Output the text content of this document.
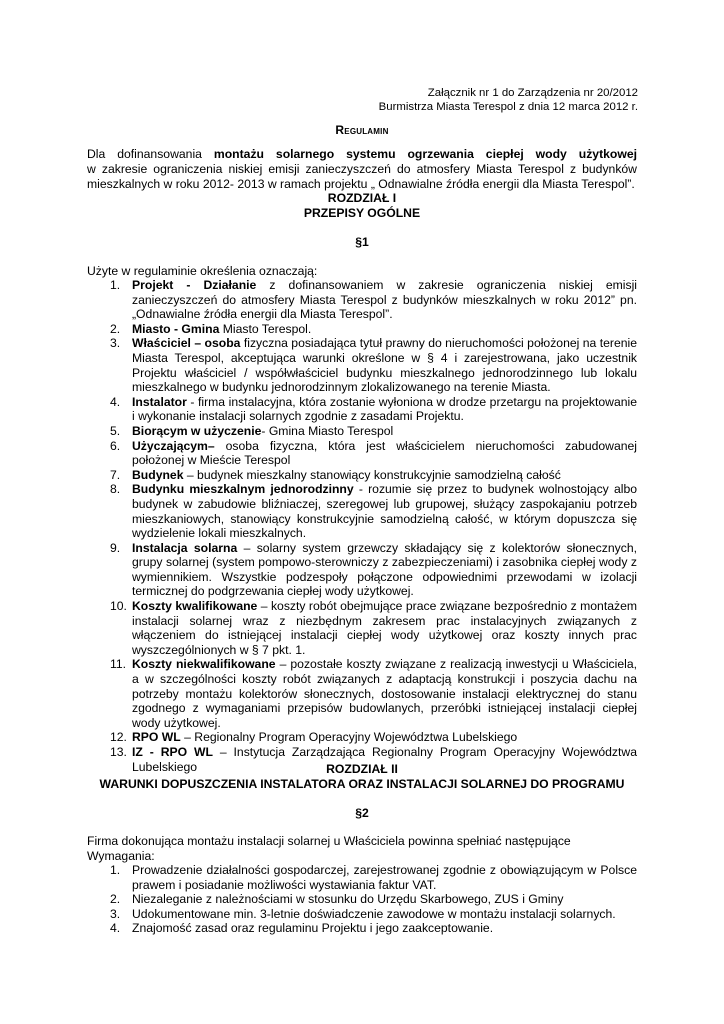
Załącznik nr 1 do Zarządzenia nr 20/2012
Burmistrza Miasta Terespol z dnia 12 marca 2012 r.
Regulamin
Dla dofinansowania montażu solarnego systemu ogrzewania ciepłej wody użytkowej
w zakresie ograniczenia niskiej emisji zanieczyszczeń do atmosfery Miasta Terespol z budynków
mieszkalnych w roku 2012- 2013 w ramach projektu „ Odnawialne źródła energii dla Miasta Terespol”.
ROZDZIAŁ I
PRZEPISY OGÓLNE
§1
Użyte w regulaminie określenia oznaczają:
1. Projekt - Działanie z dofinansowaniem w zakresie ograniczenia niskiej emisji zanieczyszczeń do atmosfery Miasta Terespol z budynków mieszkalnych w roku 2012” pn. „Odnawialne źródła energii dla Miasta Terespol”.
2. Miasto - Gmina Miasto Terespol.
3. Właściciel – osoba fizyczna posiadająca tytuł prawny do nieruchomości położonej na terenie Miasta Terespol, akceptująca warunki określone w § 4 i zarejestrowana, jako uczestnik Projektu właściciel / współwłaściciel budynku mieszkalnego jednorodzinnego lub lokalu mieszkalnego w budynku jednorodzinnym zlokalizowanego na terenie Miasta.
4. Instalator - firma instalacyjna, która zostanie wyłoniona w drodze przetargu na projektowanie i wykonanie instalacji solarnych zgodnie z zasadami Projektu.
5. Biorącym w użyczenie- Gmina Miasto Terespol
6. Użyczającym– osoba fizyczna, która jest właścicielem nieruchomości zabudowanej położonej w Mieście Terespol
7. Budynek – budynek mieszkalny stanowiący konstrukcyjnie samodzielną całość
8. Budynku mieszkalnym jednorodzinny - rozumie się przez to budynek wolnostojący albo budynek w zabudowie bliźniaczej, szeregowej lub grupowej, służący zaspokajaniu potrzeb mieszkaniowych, stanowiący konstrukcyjnie samodzielną całość, w którym dopuszcza się wydzielenie lokali mieszkalnych.
9. Instalacja solarna – solarny system grzewczy składający się z kolektorów słonecznych, grupy solarnej (system pompowo-sterowniczy z zabezpieczeniami) i zasobnika ciepłej wody z wymiennikiem. Wszystkie podzespoły połączone odpowiednimi przewodami w izolacji termicznej do podgrzewania ciepłej wody użytkowej.
10. Koszty kwalifikowane – koszty robót obejmujące prace związane bezpośrednio z montażem instalacji solarnej wraz z niezbędnym zakresem prac instalacyjnych związanych z włączeniem do istniejącej instalacji ciepłej wody użytkowej oraz koszty innych prac wyszczególnionych w § 7 pkt. 1.
11. Koszty niekwalifikowane – pozostałe koszty związane z realizacją inwestycji u Właściciela, a w szczególności koszty robót związanych z adaptacją konstrukcji i poszycia dachu na potrzeby montażu kolektorów słonecznych, dostosowanie instalacji elektrycznej do stanu zgodnego z wymaganiami przepisów budowlanych, przeróbki istniejącej instalacji ciepłej wody użytkowej.
12. RPO WL – Regionalny Program Operacyjny Województwa Lubelskiego
13. IZ - RPO WL – Instytucja Zarządzająca Regionalny Program Operacyjny Województwa Lubelskiego	ROZDZIAŁ II
WARUNKI DOPUSZCZENIA INSTALATORA ORAZ INSTALACJI SOLARNEJ DO PROGRAMU
§2
Firma dokonująca montażu instalacji solarnej u Właściciela powinna spełniać następujące
Wymagania:
1. Prowadzenie działalności gospodarczej, zarejestrowanej zgodnie z obowiązującym w Polsce prawem i posiadanie możliwości wystawiania faktur VAT.
2. Niezaleganie z należnościami w stosunku do Urzędu Skarbowego, ZUS i Gminy
3. Udokumentowane min. 3-letnie doświadczenie zawodowe w montażu instalacji solarnych.
4. Znajomość zasad oraz regulaminu Projektu i jego zaakceptowanie.
